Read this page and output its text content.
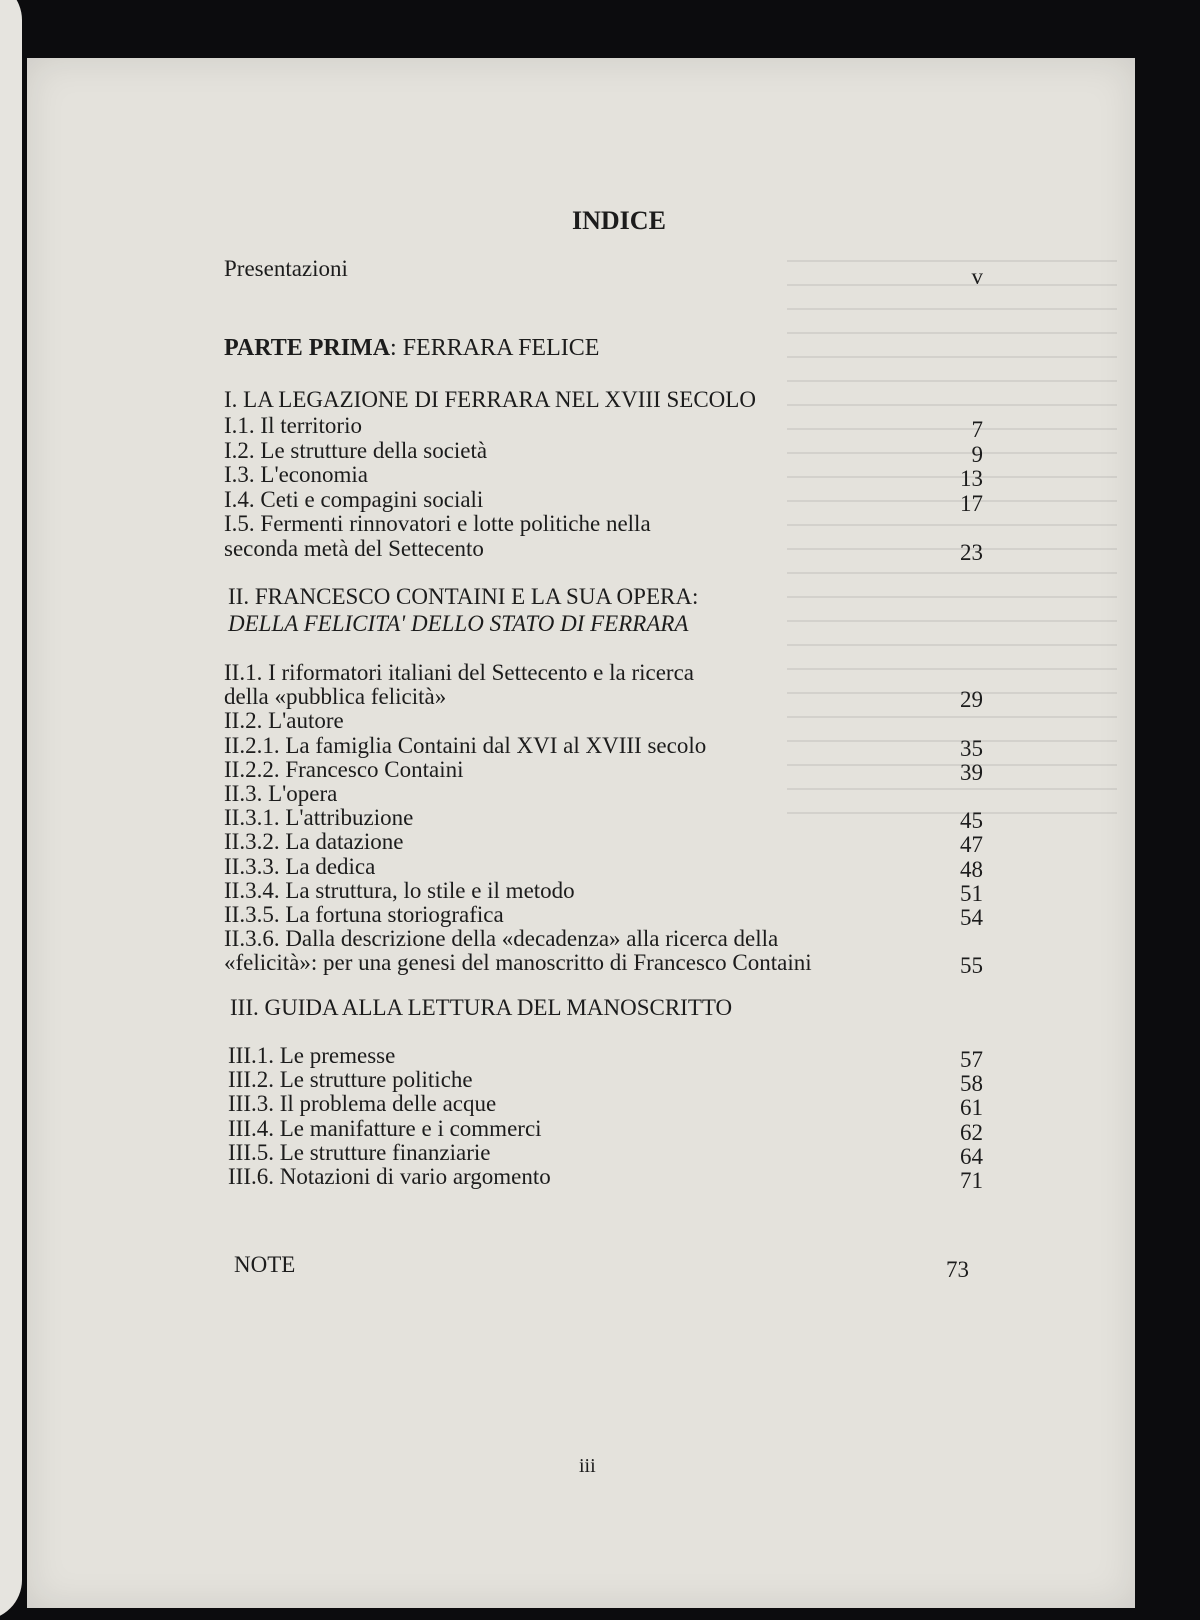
INDICE
Presentazioni	v
PARTE PRIMA: FERRARA FELICE
I. LA LEGAZIONE DI FERRARA NEL XVIII SECOLO
I.1. Il territorio	7
I.2. Le strutture della società	9
I.3. L'economia	13
I.4. Ceti e compagini sociali	17
I.5. Fermenti rinnovatori e lotte politiche nella
seconda metà del Settecento	23
II. FRANCESCO CONTAINI E LA SUA OPERA:
DELLA FELICITA' DELLO STATO DI FERRARA
II.1. I riformatori italiani del Settecento e la ricerca
della «pubblica felicità»	29
II.2. L'autore
II.2.1. La famiglia Containi dal XVI al XVIII secolo	35
II.2.2. Francesco Containi	39
II.3. L'opera
II.3.1. L'attribuzione	45
II.3.2. La datazione	47
II.3.3. La dedica	48
II.3.4. La struttura, lo stile e il metodo	51
II.3.5. La fortuna storiografica	54
II.3.6. Dalla descrizione della «decadenza» alla ricerca della
«felicità»: per una genesi del manoscritto di Francesco Containi	55
III. GUIDA ALLA LETTURA DEL MANOSCRITTO
III.1. Le premesse	57
III.2. Le strutture politiche	58
III.3. Il problema delle acque	61
III.4. Le manifatture e i commerci	62
III.5. Le strutture finanziarie	64
III.6. Notazioni di vario argomento	71
NOTE	73
iii
